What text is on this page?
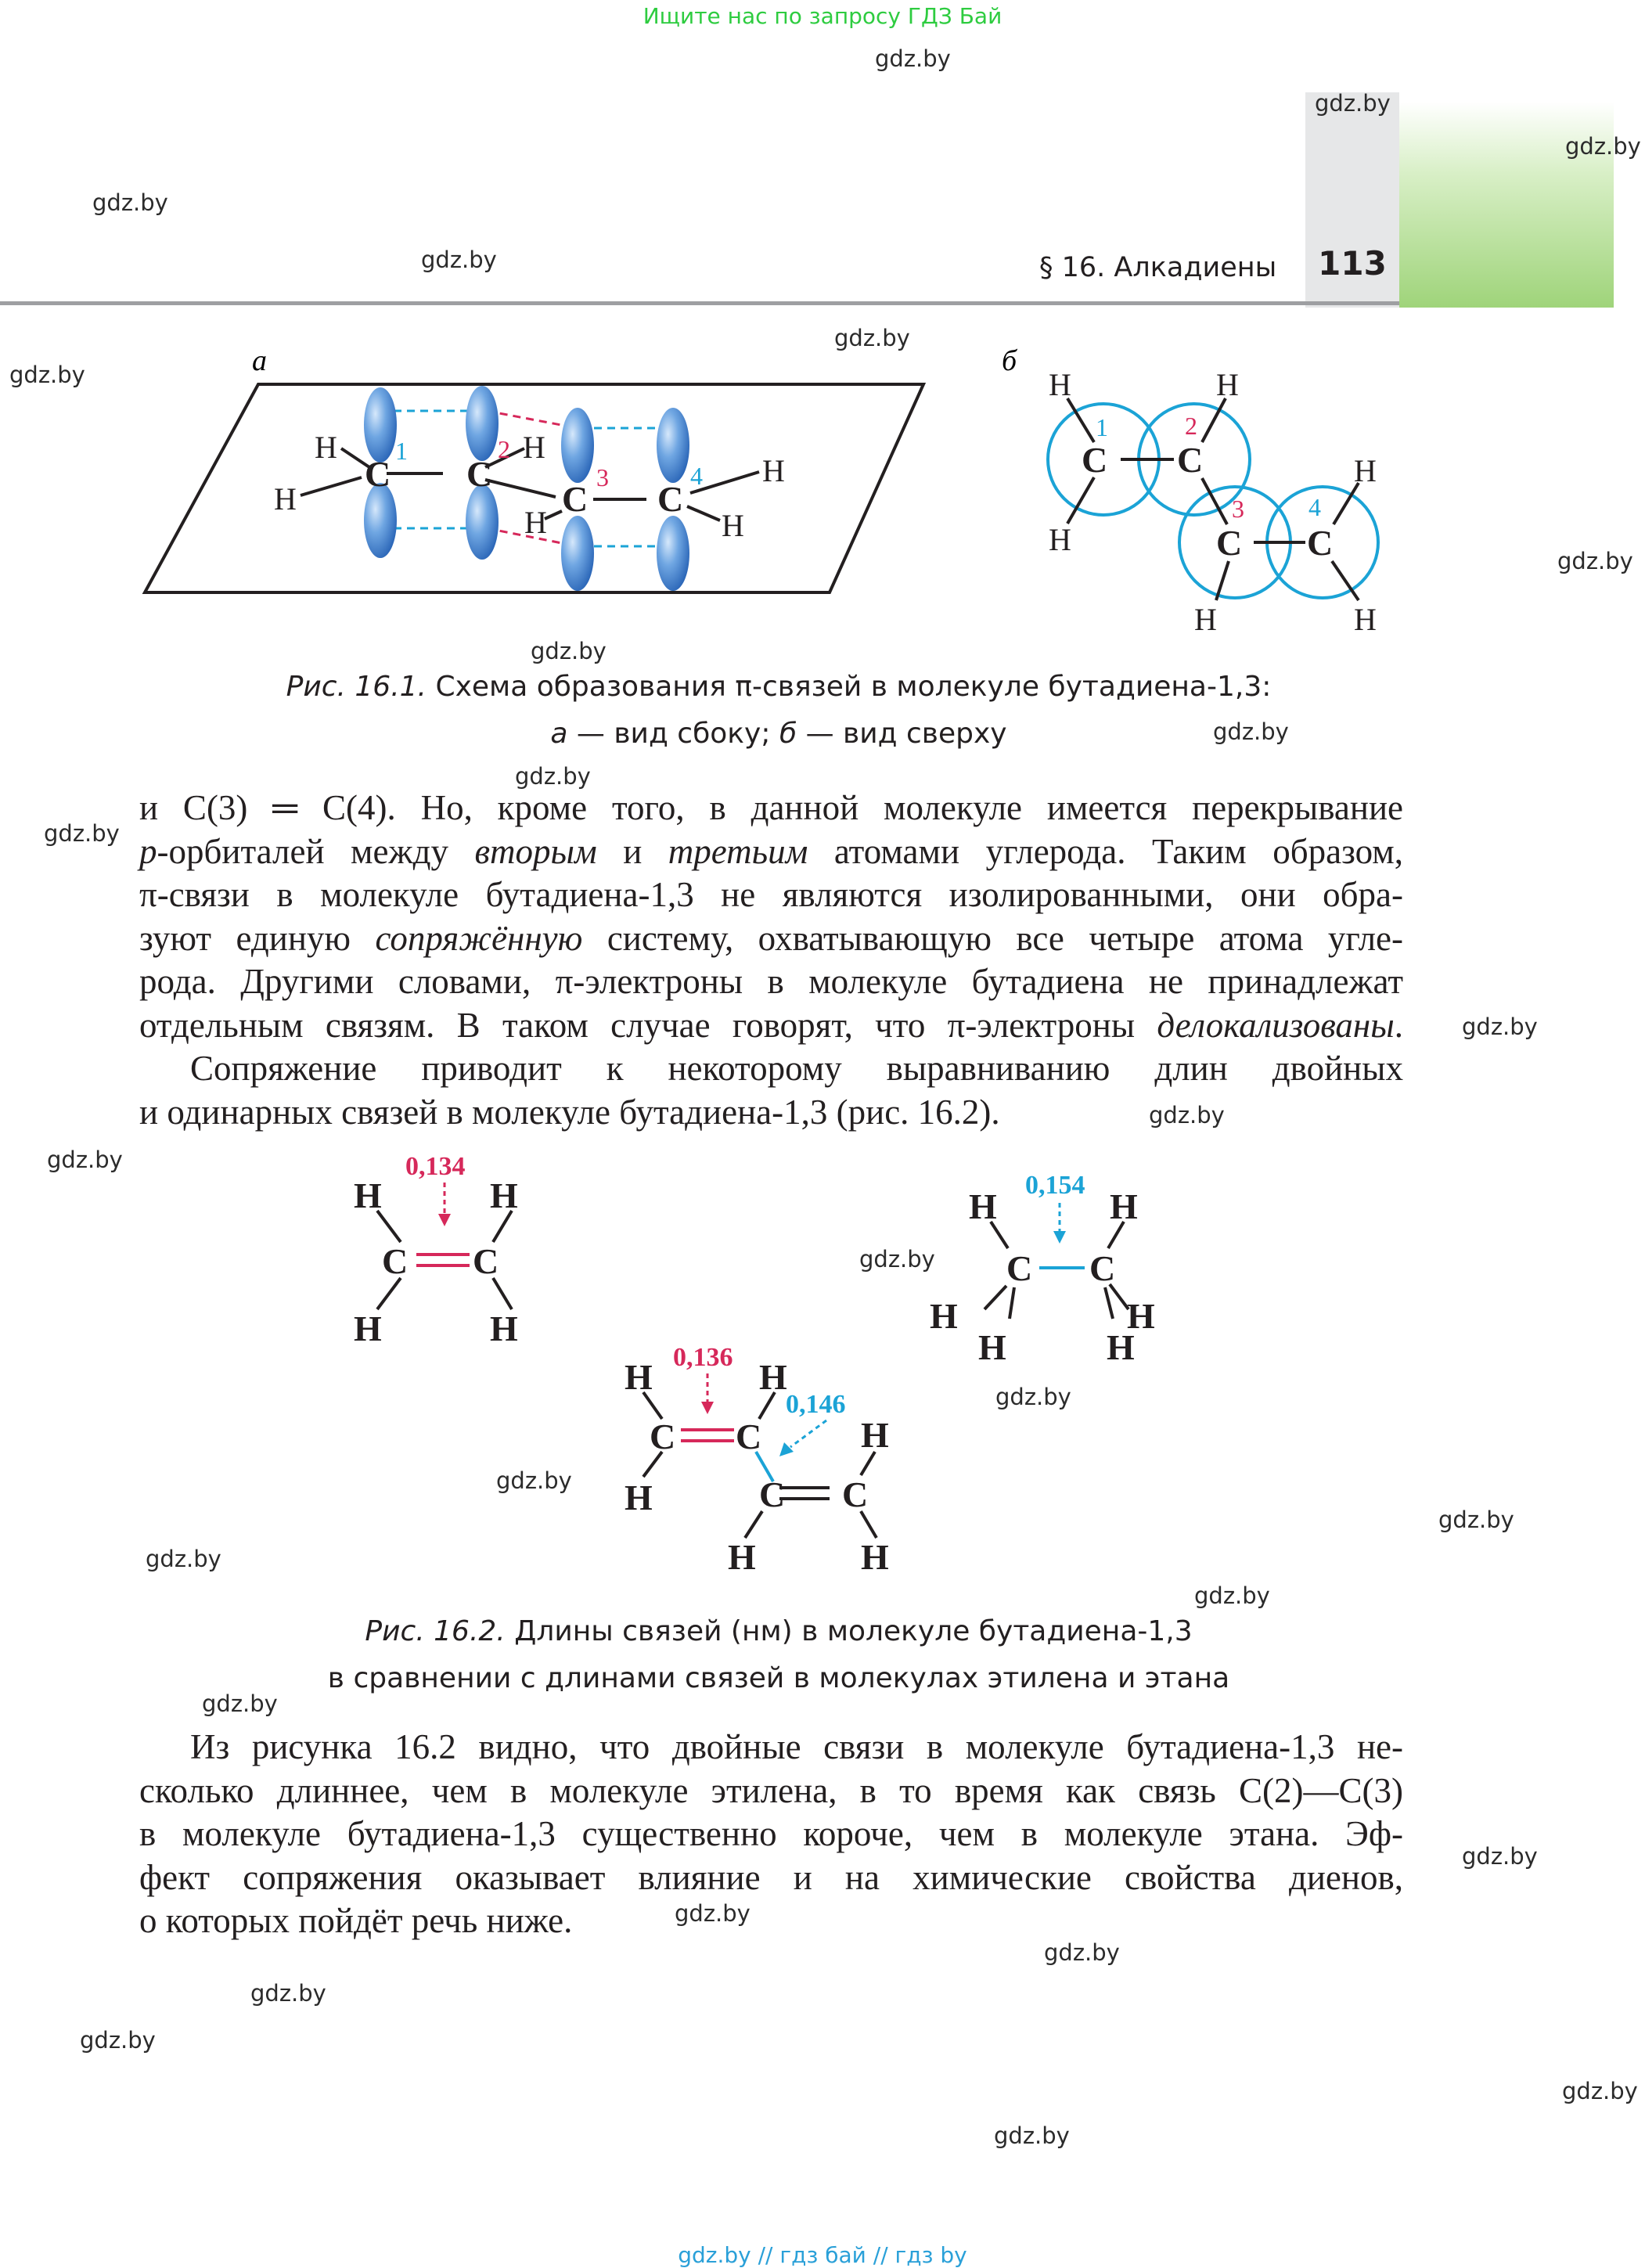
Ищите нас по запросу ГДЗ Бай
§ 16. Алкадиены	113
gdz.by
gdz.by
gdz.by
gdz.by
gdz.by
gdz.by
gdz.by
gdz.by
gdz.by
gdz.by
gdz.by
gdz.by
gdz.by
gdz.by
gdz.by
gdz.by
gdz.by
gdz.by
gdz.by
gdz.by
gdz.by
gdz.by
gdz.by
gdz.by
gdz.by
gdz.by
gdz.by
gdz.by
gdz.by
а
C C
C C
H
H
H
H
H
H
1	2
3	4
б
C C
C C
H	H
H
H
H	H
1	2
3	4
Рис. 16.1. Схема образования π-связей в молекуле бутадиена-1,3:
а — вид сбоку; б — вид сверху

и C(3) ═ C(4). Но, кроме того, в данной молекуле имеется перекрывание

р-орбиталей между вторым и третьим атомами углерода. Таким образом,

π-связи в молекуле бутадиена-1,3 не являются изолированными, они обра-

зуют единую сопряжённую систему, охватывающую все четыре атома угле-

рода. Другими словами, π-электроны в молекуле бутадиена не принадлежат

отдельным связям. В таком случае говорят, что π-электроны делокализованы.

Сопряжение приводит к некоторому выравниванию длин двойных

и одинарных связей в молекуле бутадиена-1,3 (рис. 16.2).

0,134
C C
H	H
H	H
0,154
C C
H	H
H
H
H
H
0,136
0,146
C C
C C
H	H
H
H
H	H
Рис. 16.2. Длины связей (нм) в молекуле бутадиена-1,3
в сравнении с длинами связей в молекулах этилена и этана

Из рисунка 16.2 видно, что двойные связи в молекуле бутадиена-1,3 не-

сколько длиннее, чем в молекуле этилена, в то время как связь C(2)—C(3)

в молекуле бутадиена-1,3 существенно короче, чем в молекуле этана. Эф-

фект сопряжения оказывает влияние и на химические свойства диенов,

о которых пойдёт речь ниже.

gdz.by // гдз бай // гдз by
